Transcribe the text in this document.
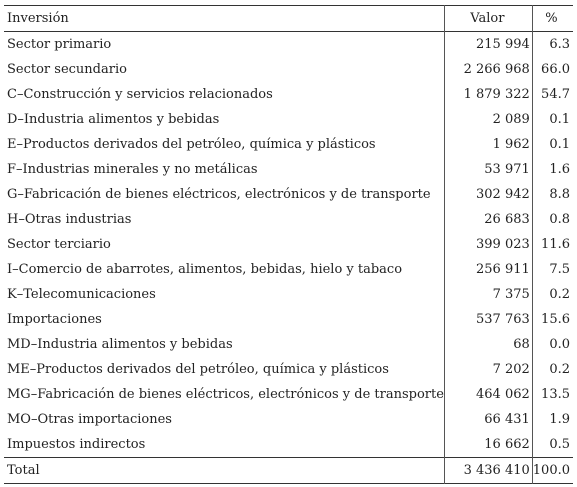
Inversión	Valor	%
Sector primario	215 994	6.3
Sector secundario	2 266 968	66.0
C–Construcción y servicios relacionados	1 879 322	54.7
D–Industria alimentos y bebidas	2 089	0.1
E–Productos derivados del petróleo, química y plásticos	1 962	0.1
F–Industrias minerales y no metálicas	53 971	1.6
G–Fabricación de bienes eléctricos, electrónicos y de transporte	302 942	8.8
H–Otras industrias	26 683	0.8
Sector terciario	399 023	11.6
I–Comercio de abarrotes, alimentos, bebidas, hielo y tabaco	256 911	7.5
K–Telecomunicaciones	7 375	0.2
Importaciones	537 763	15.6
MD–Industria alimentos y bebidas	68	0.0
ME–Productos derivados del petróleo, química y plásticos	7 202	0.2
MG–Fabricación de bienes eléctricos, electrónicos y de transporte	464 062	13.5
MO–Otras importaciones	66 431	1.9
Impuestos indirectos	16 662	0.5
Total	3 436 410	100.0
